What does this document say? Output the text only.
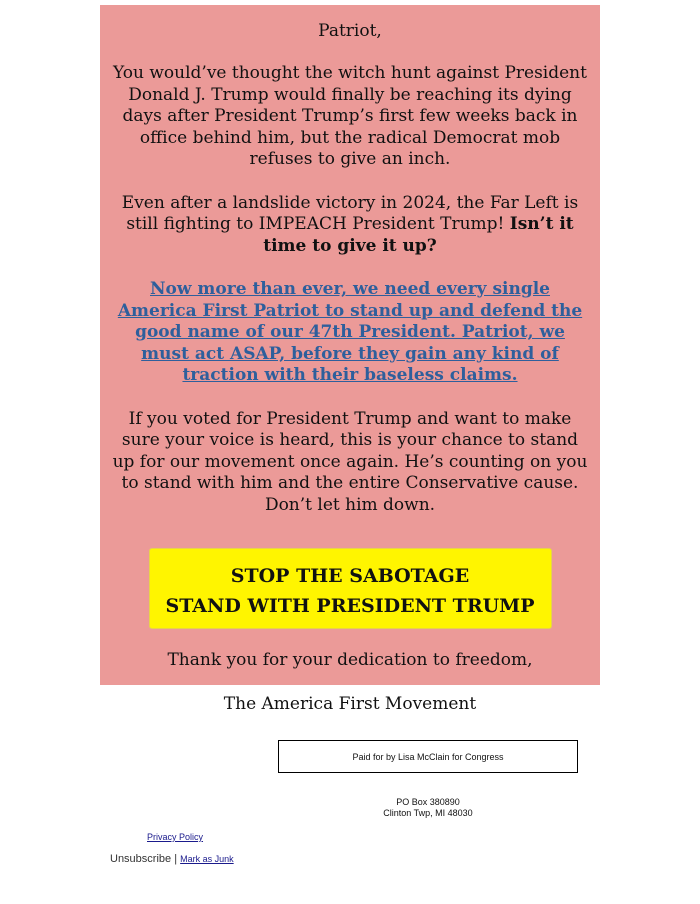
Patriot,

You would’ve thought the witch hunt against President Donald J. Trump would finally be reaching its dying days after President Trump’s first few weeks back in office behind him, but the radical Democrat mob refuses to give an inch.

Even after a landslide victory in 2024, the Far Left is still fighting to IMPEACH President Trump! Isn’t it time to give it up?

Now more than ever, we need every single America First Patriot to stand up and defend the good name of our 47th President. Patriot, we must act ASAP, before they gain any kind of traction with their baseless claims.

If you voted for President Trump and want to make sure your voice is heard, this is your chance to stand up for our movement once again. He’s counting on you to stand with him and the entire Conservative cause. Don’t let him down.

STOP THE SABOTAGE
STAND WITH PRESIDENT TRUMP

Thank you for your dedication to freedom,

The America First Movement

Paid for by Lisa McClain for Congress
PO Box 380890
Clinton Twp, MI 48030
Privacy Policy
Unsubscribe | Mark as Junk
